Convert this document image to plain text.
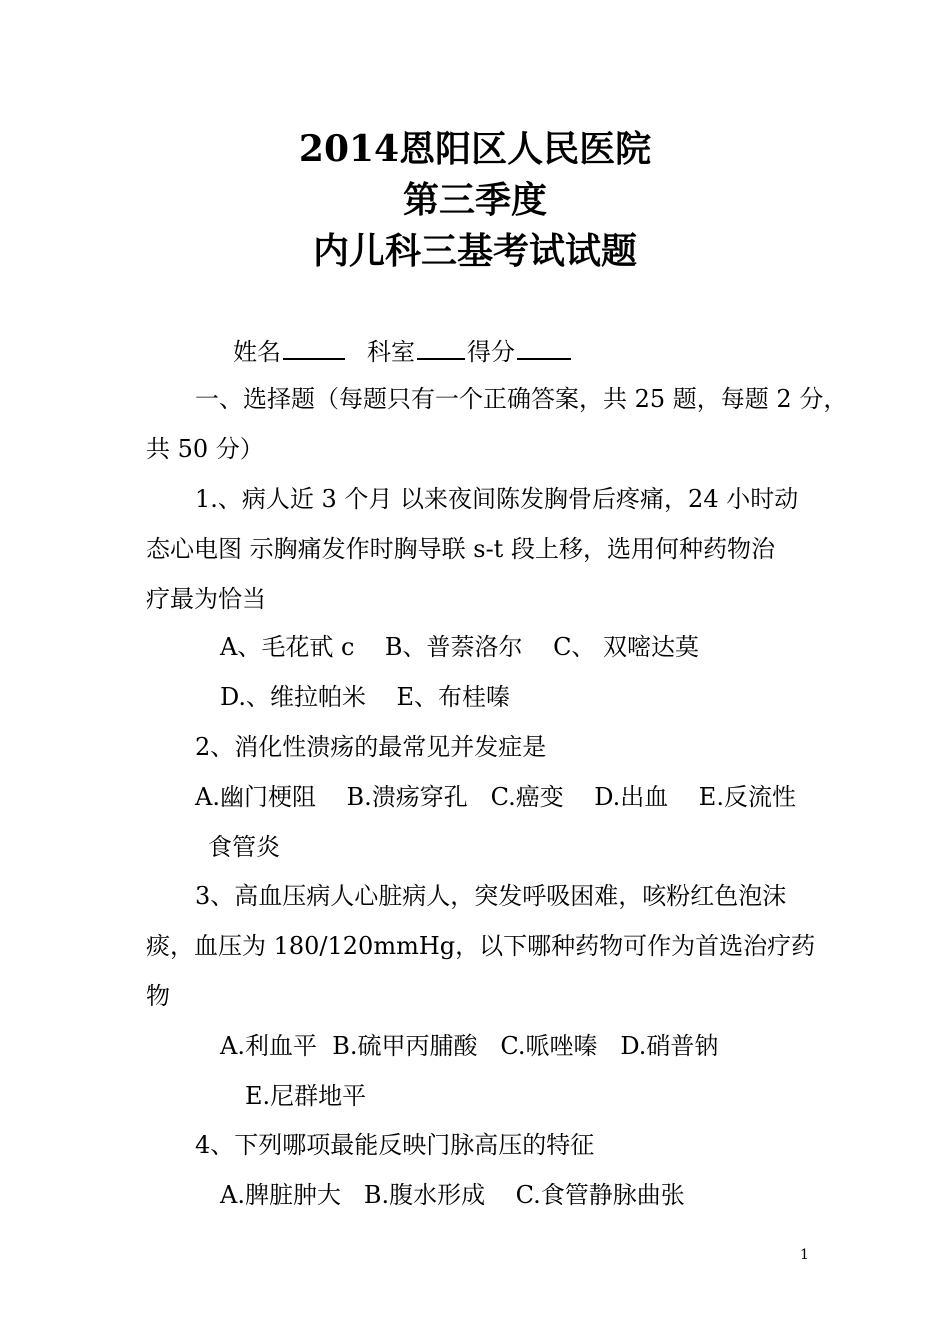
2014恩阳区人民医院
第三季度
内儿科三基考试试题
姓名	科室 得分

一、选择题（每题只有一个正确答案，共 25 题，每题 2 分，

共 50 分）

1.、病人近 3 个月 以来夜间陈发胸骨后疼痛，24 小时动

态心电图 示胸痛发作时胸导联 s-t 段上移，选用何种药物治

疗最为恰当

A、毛花甙 c    B、普萘洛尔    C、 双嘧达莫

D.、维拉帕米    E、布桂嗪

2、消化性溃疡的最常见并发症是

A.幽门梗阻    B.溃疡穿孔   C.癌变    D.出血    E.反流性

食管炎

3、高血压病人心脏病人，突发呼吸困难，咳粉红色泡沫

痰，血压为 180/120mmHg，以下哪种药物可作为首选治疗药

物

A.利血平  B.硫甲丙脯酸   C.哌唑嗪   D.硝普钠

E.尼群地平

4、下列哪项最能反映门脉高压的特征

A.脾脏肿大   B.腹水形成    C.食管静脉曲张

1
